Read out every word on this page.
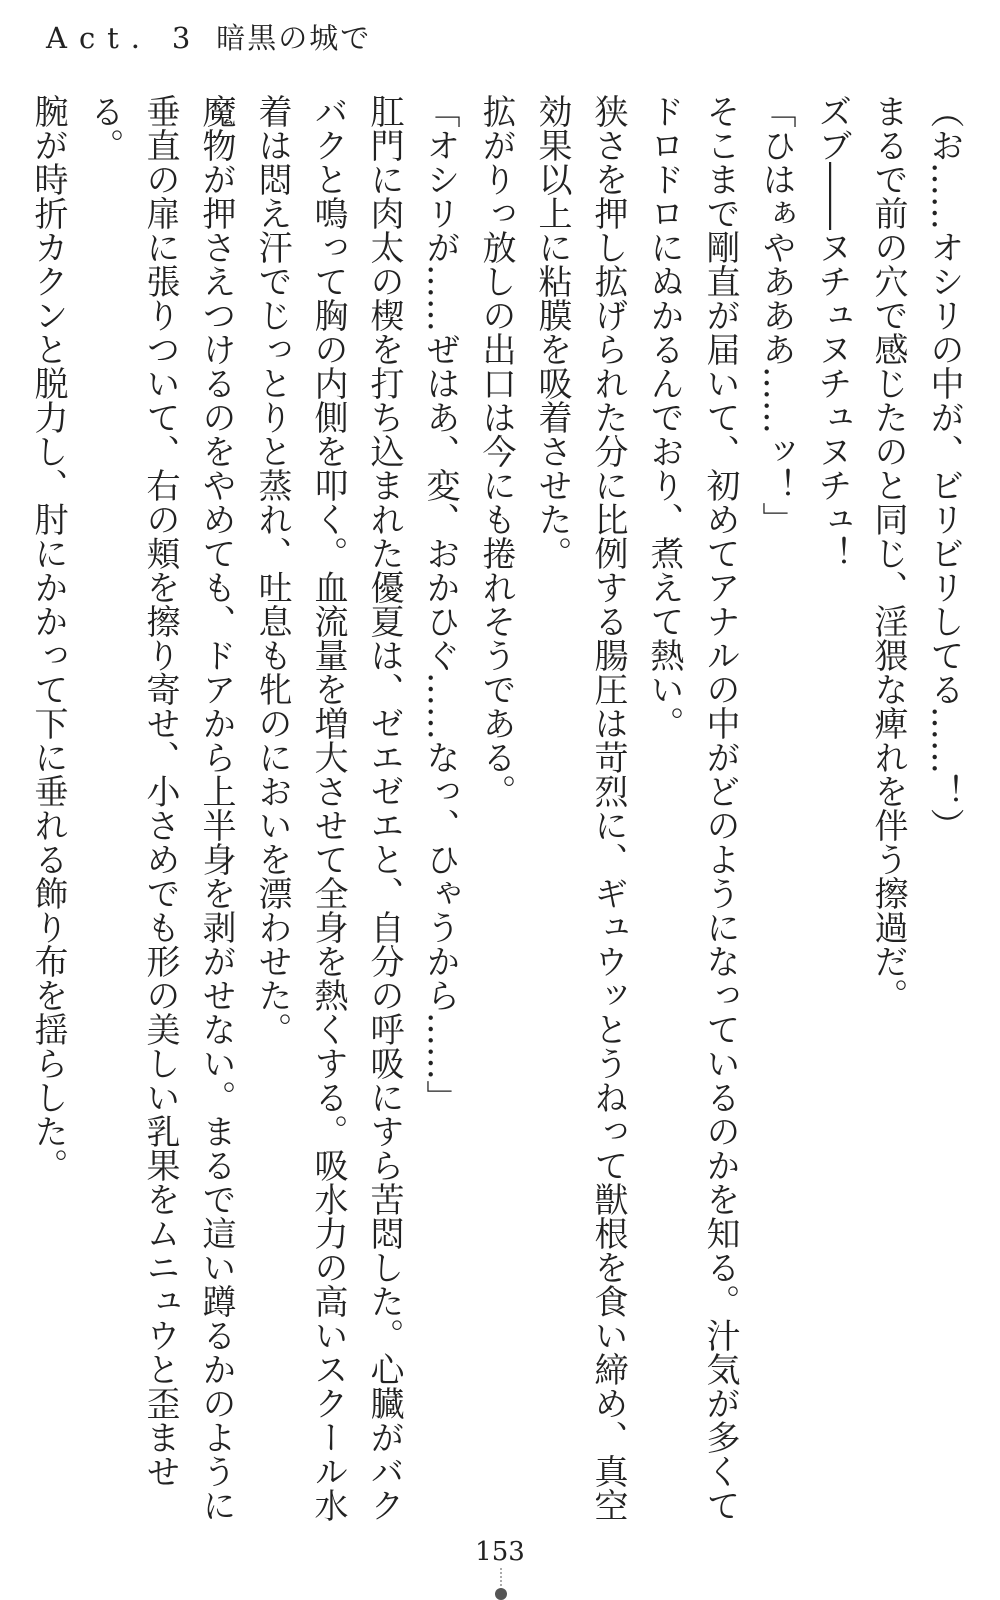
Act．3 暗黒の城で

（お……オシリの中が、ビリビリしてる……！）

まるで前の穴で感じたのと同じ、淫猥な痺れを伴う擦過だ。

ズブ――ヌチュヌチュヌチュ！

「ひはぁやあああ……ッ！」

そこまで剛直が届いて、初めてアナルの中がどのようになっているのかを知る。汁気が多くてドロドロにぬかるんでおり、煮えて熱い。

狭さを押し拡げられた分に比例する腸圧は苛烈に、ギュウッとうねって獣根を食い締め、真空効果以上に粘膜を吸着させた。

拡がりっ放しの出口は今にも捲れそうである。

「オシリが……ぜはあ、変、おかひぐ……なっ、ひゃうから……」

肛門に肉太の楔を打ち込まれた優夏は、ゼエゼエと、自分の呼吸にすら苦悶した。心臓がバクバクと鳴って胸の内側を叩く。血流量を増大させて全身を熱くする。吸水力の高いスクール水着は悶え汗でじっとりと蒸れ、吐息も牝のにおいを漂わせた。

魔物が押さえつけるのをやめても、ドアから上半身を剥がせない。まるで這い蹲るかのように垂直の扉に張りついて、右の頬を擦り寄せ、小さめでも形の美しい乳果をムニュウと歪ませる。

腕が時折カクンと脱力し、肘にかかって下に垂れる飾り布を揺らした。

153
